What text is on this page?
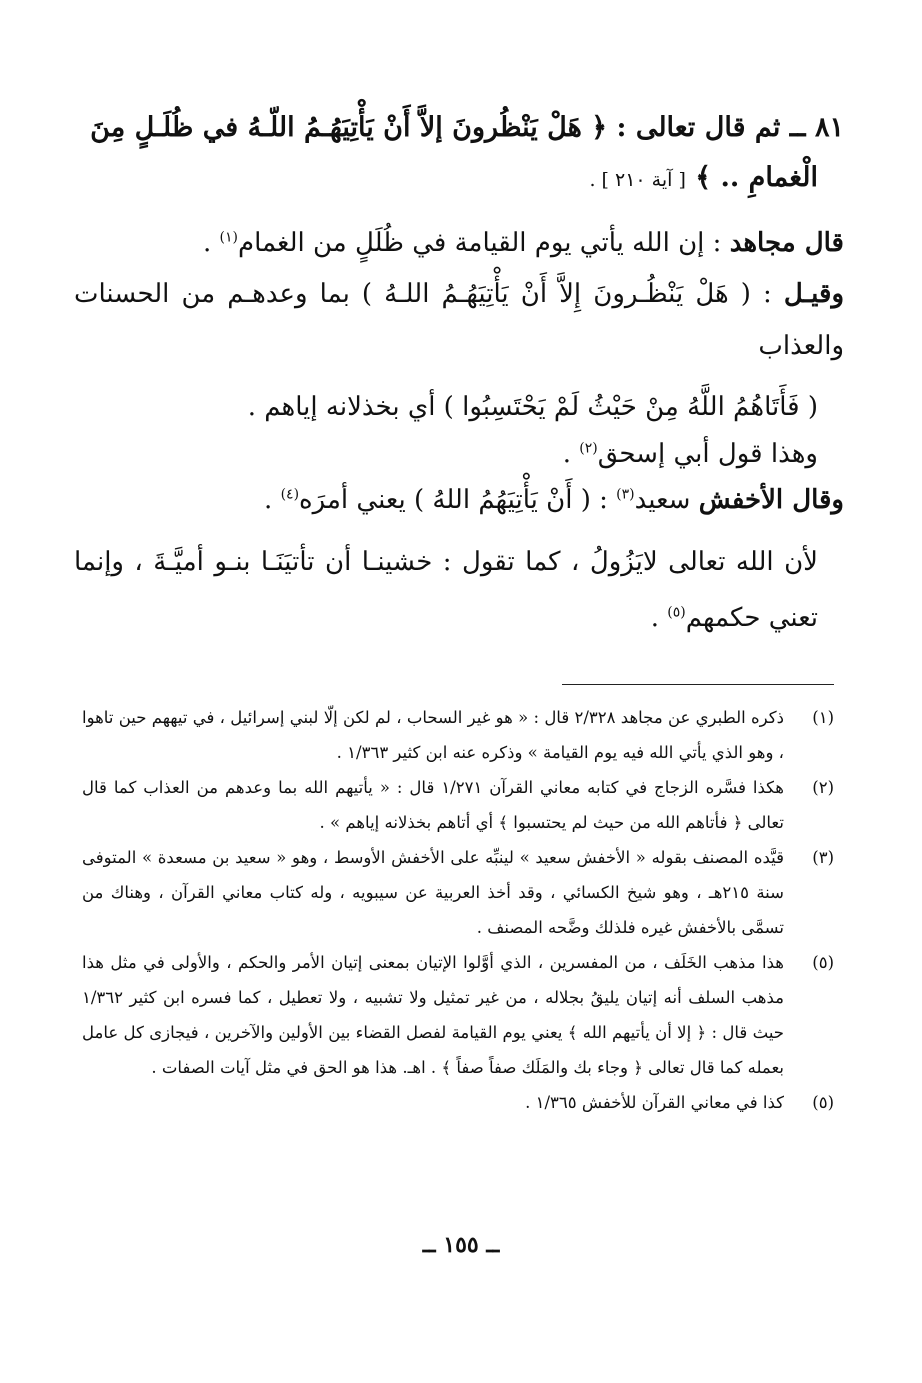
٨١ ــ ثم قال تعالى : ﴿ هَلْ يَنْظُرونَ إلاَّ أَنْ يَأْتِيَهُـمُ اللّـهُ في ظُلَـلٍ مِنَ

الْغمامِ .. ﴾ [ آية ٢١٠ ] .

قال مجاهد : إن الله يأتي يوم القيامة في ظُلَلٍ من الغمام$^{(١)}$ .

وقيـل : ( هَلْ يَنْظُـرونَ إِلاَّ أَنْ يَأْتِيَهُـمُ اللـهُ ) بما وعدهـم من الحسنات والعذاب

( فَأَتَاهُمُ اللَّهُ مِنْ حَيْثُ لَمْ يَحْتَسِبُوا ) أي بخذلانه إياهم .

وهذا قول أبي إسحق$^{(٢)}$ .

وقال الأخفش سعيد$^{(٣)}$ : ( أَنْ يَأْتِيَهُمُ اللهُ ) يعني أمرَه$^{(٤)}$ .

لأن الله تعالى لايَزُولُ ، كما تقول : خشينـا أن تأتيَنَـا بنـو أميَّـةَ ، وإنما تعني حكمهم$^{(٥)}$ .

(١)
ذكره الطبري عن مجاهد ٢/٣٢٨ قال : « هو غير السحاب ، لم لكن إلّا لبني إسرائيل ، في تيههم حين تاهوا ، وهو الذي يأتي الله فيه يوم القيامة » وذكره عنه ابن كثير ١/٣٦٣ .
(٢)
هكذا فسَّره الزجاج في كتابه معاني القرآن ١/٢٧١ قال : « يأتيهم الله بما وعدهم من العذاب كما قال تعالى ﴿ فأتاهم الله من حيث لم يحتسبوا ﴾ أي أتاهم بخذلانه إياهم » .
(٣)
قيَّده المصنف بقوله « الأخفش سعيد » لينبِّه على الأخفش الأوسط ، وهو « سعيد بن مسعدة » المتوفى سنة ٢١٥هـ ، وهو شيخ الكسائي ، وقد أخذ العربية عن سيبويه ، وله كتاب معاني القرآن ، وهناك من تسمَّى بالأخفش غيره فلذلك وضَّحه المصنف .
(٥)
هذا مذهب الخَلَف ، من المفسرين ، الذي أوَّلوا الإتيان بمعنى إتيان الأمر والحكم ، والأولى في مثل هذا مذهب السلف أنه إتيان يليقُ بجلاله ، من غير تمثيل ولا تشبيه ، ولا تعطيل ، كما فسره ابن كثير ١/٣٦٢ حيث قال : ﴿ إلا أن يأتيهم الله ﴾ يعني يوم القيامة لفصل القضاء بين الأولين والآخرين ، فيجازى كل عامل بعمله كما قال تعالى ﴿ وجاء بك والمَلَك صفاً صفاً ﴾ . اهـ. هذا هو الحق في مثل آيات الصفات .
(٥)
كذا في معاني القرآن للأخفش ١/٣٦٥ .
ــ ١٥٥ ــ
